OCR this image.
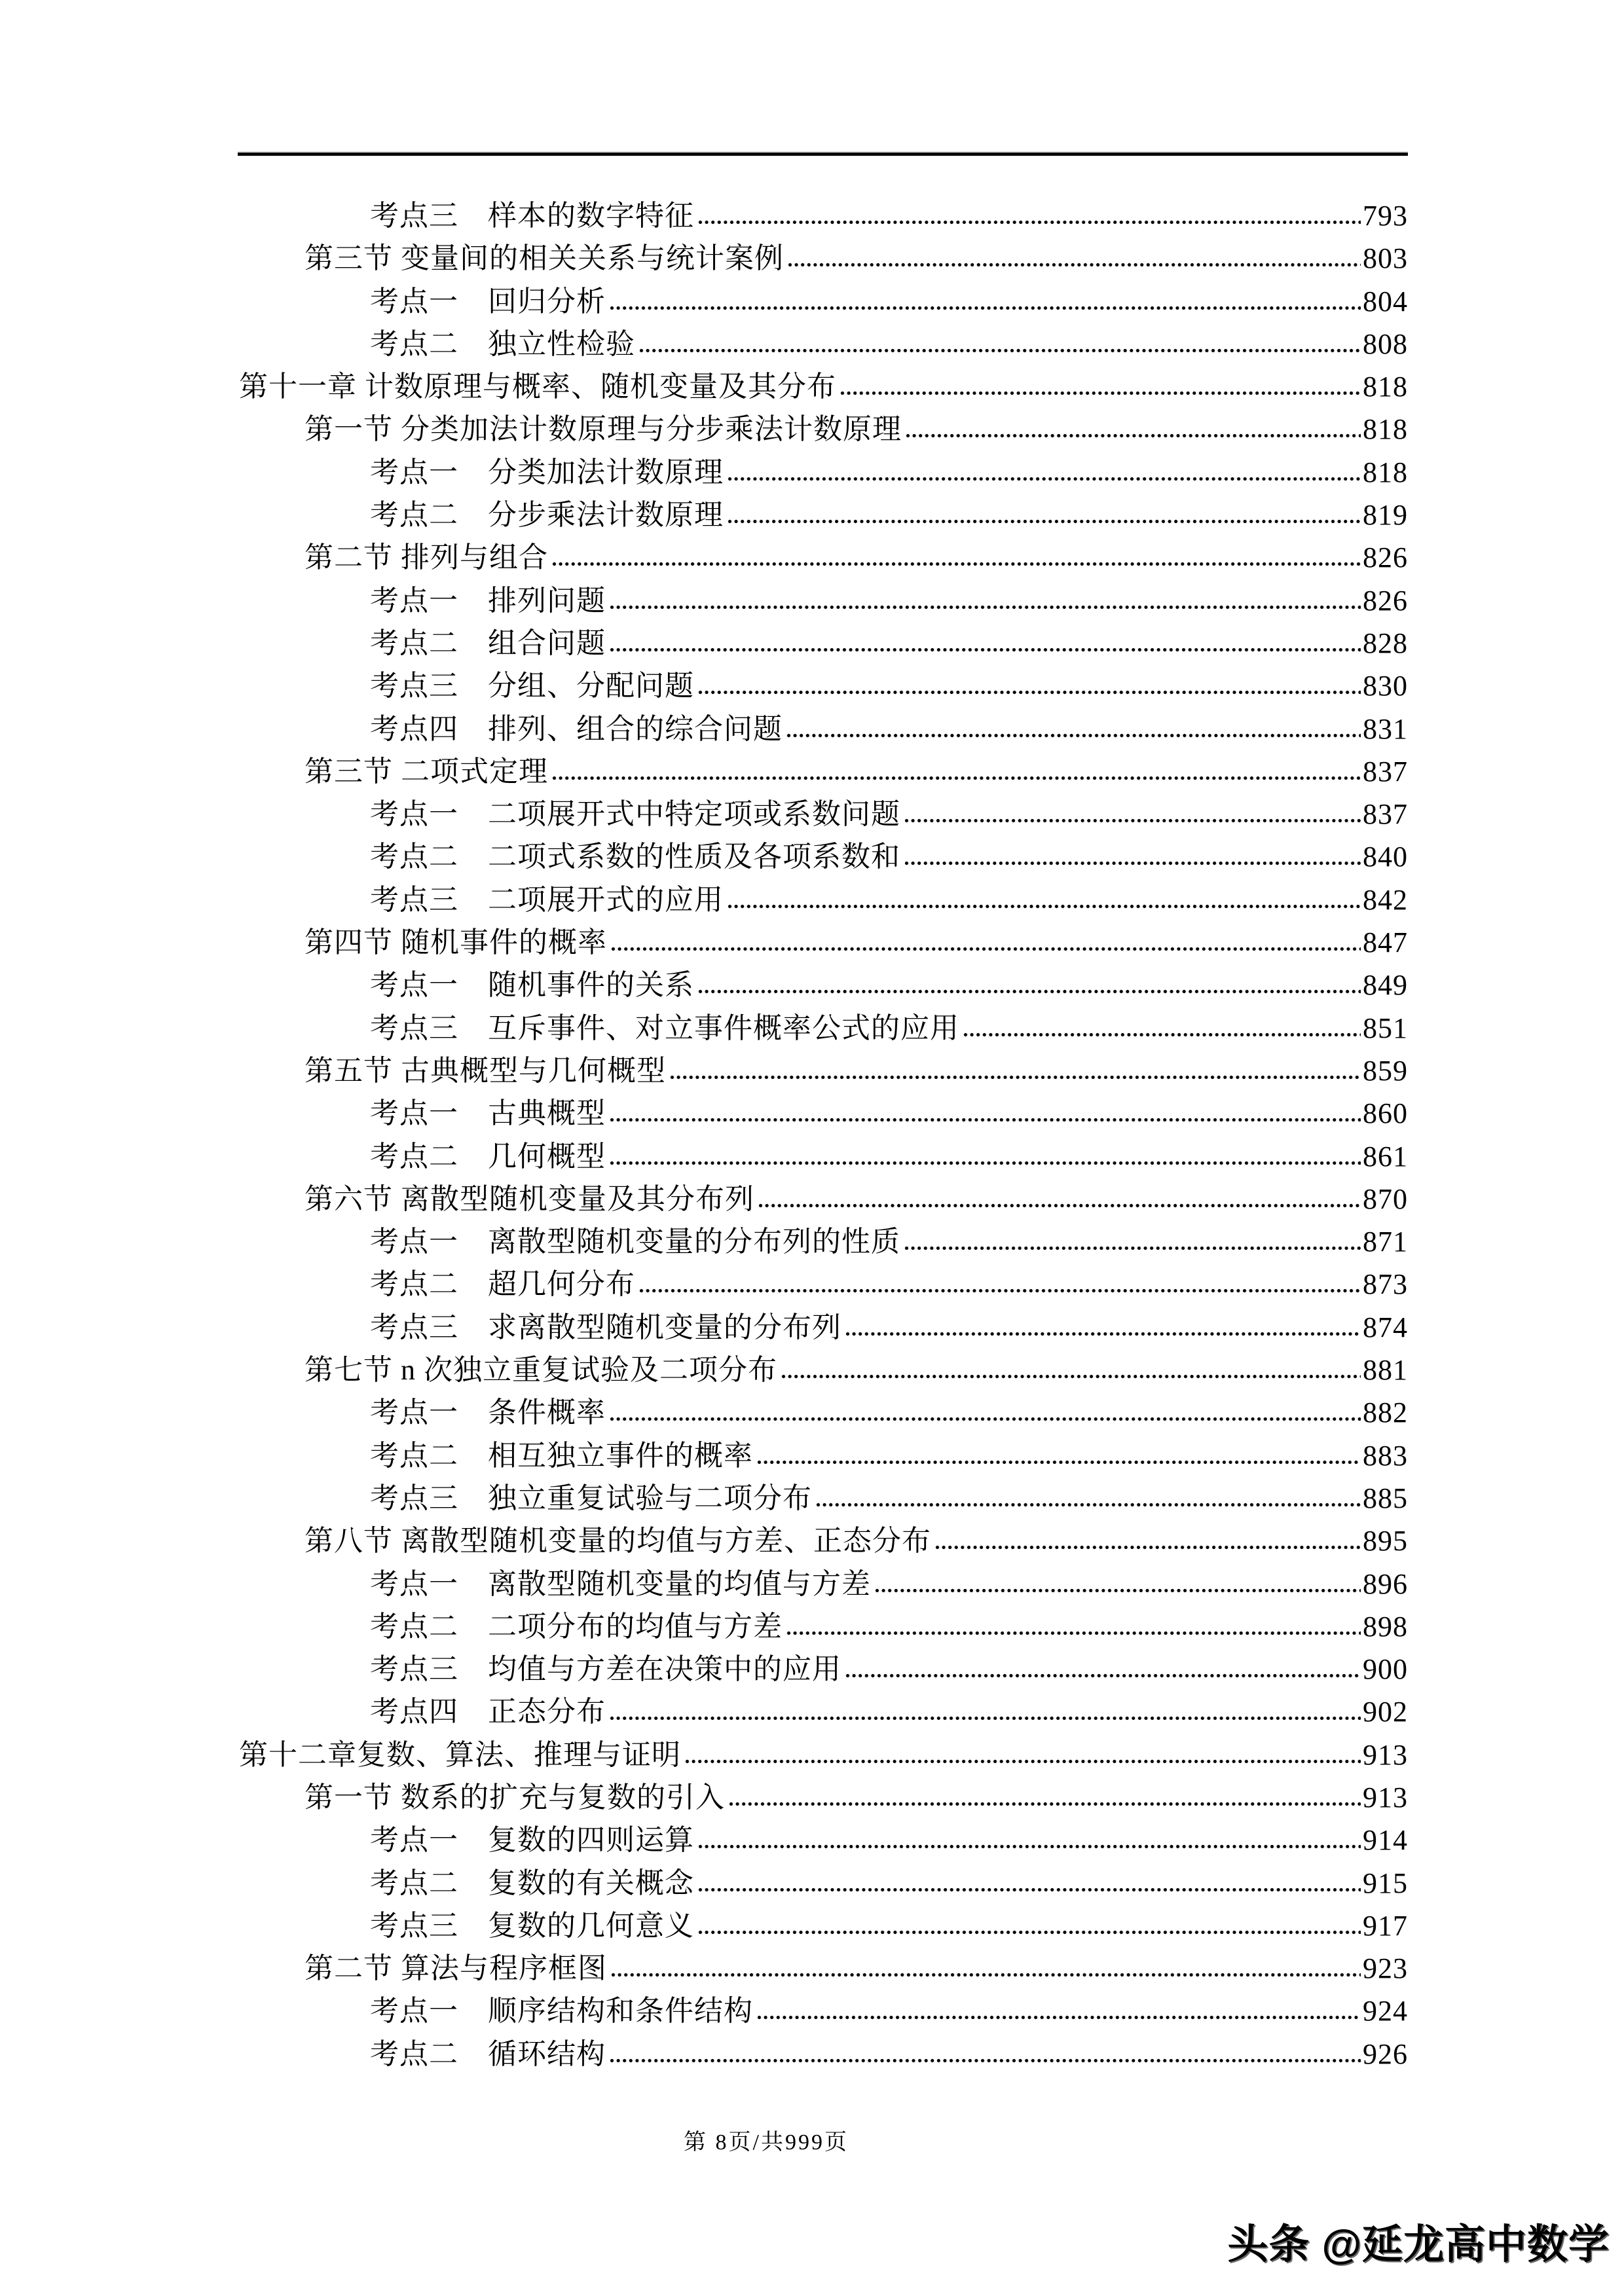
考点三　样本的数字特征	793
第三节 变量间的相关关系与统计案例	803
考点一　回归分析	804
考点二　独立性检验	808
第十一章 计数原理与概率、随机变量及其分布	818
第一节 分类加法计数原理与分步乘法计数原理	818
考点一　分类加法计数原理	818
考点二　分步乘法计数原理	819
第二节 排列与组合	826
考点一　排列问题	826
考点二　组合问题	828
考点三　分组、分配问题	830
考点四　排列、组合的综合问题	831
第三节 二项式定理	837
考点一　二项展开式中特定项或系数问题	837
考点二　二项式系数的性质及各项系数和	840
考点三　二项展开式的应用	842
第四节 随机事件的概率	847
考点一　随机事件的关系	849
考点三　互斥事件、对立事件概率公式的应用	851
第五节 古典概型与几何概型	859
考点一　古典概型	860
考点二　几何概型	861
第六节 离散型随机变量及其分布列	870
考点一　离散型随机变量的分布列的性质	871
考点二　超几何分布	873
考点三　求离散型随机变量的分布列	874
第七节 n 次独立重复试验及二项分布	881
考点一　条件概率	882
考点二　相互独立事件的概率	883
考点三　独立重复试验与二项分布	885
第八节 离散型随机变量的均值与方差、正态分布	895
考点一　离散型随机变量的均值与方差	896
考点二　二项分布的均值与方差	898
考点三　均值与方差在决策中的应用	900
考点四　正态分布	902
第十二章复数、算法、推理与证明	913
第一节 数系的扩充与复数的引入	913
考点一　复数的四则运算	914
考点二　复数的有关概念	915
考点三　复数的几何意义	917
第二节 算法与程序框图	923
考点一　顺序结构和条件结构	924
考点二　循环结构	926
第 8页/共999页
头条 @延龙高中数学
